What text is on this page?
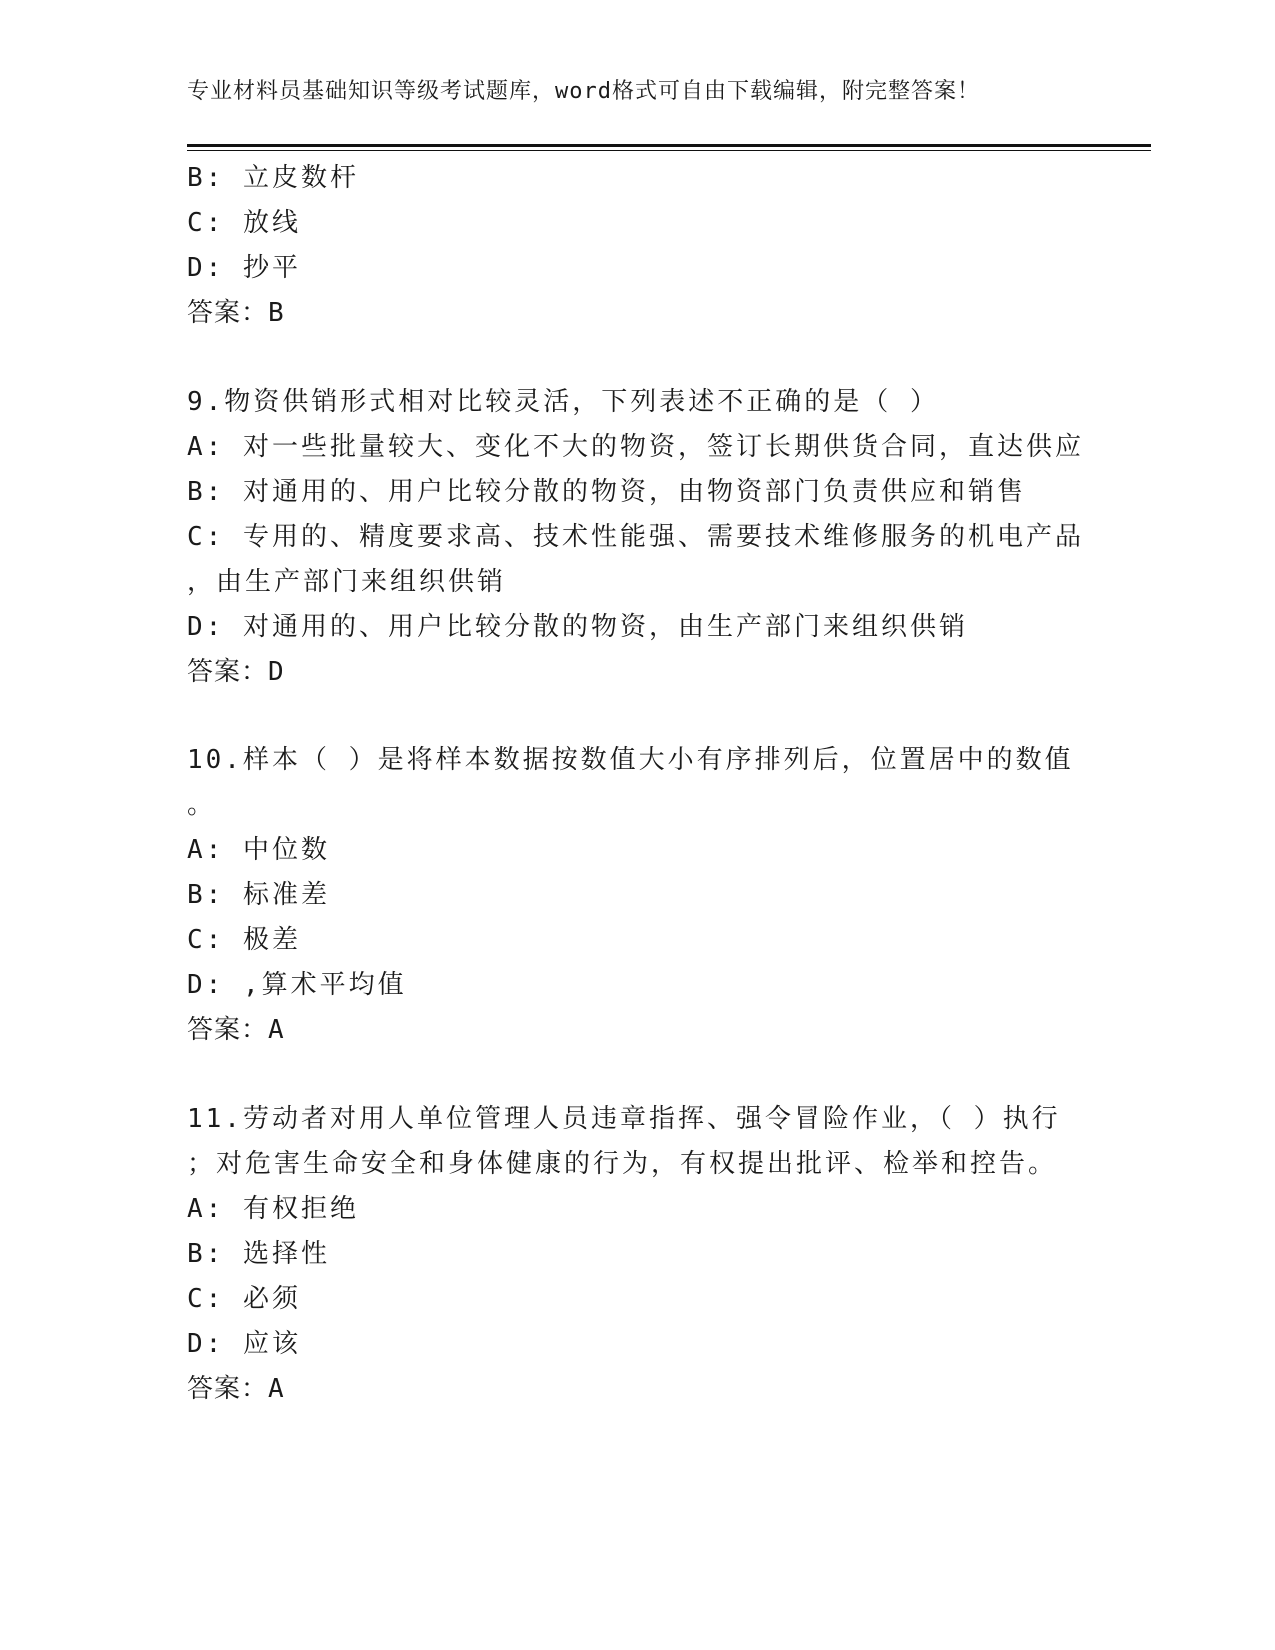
专业材料员基础知识等级考试题库，word格式可自由下载编辑，附完整答案！
B: 立皮数杆
C: 放线
D: 抄平
答案：B
9.物资供销形式相对比较灵活，下列表述不正确的是（ ）
A: 对一些批量较大、变化不大的物资，签订长期供货合同，直达供应
B: 对通用的、用户比较分散的物资，由物资部门负责供应和销售
C: 专用的、精度要求高、技术性能强、需要技术维修服务的机电产品
，由生产部门来组织供销
D: 对通用的、用户比较分散的物资，由生产部门来组织供销
答案：D
10.样本（ ）是将样本数据按数值大小有序排列后，位置居中的数值
。
A: 中位数
B: 标准差
C: 极差
D: ,算术平均值
答案：A
11.劳动者对用人单位管理人员违章指挥、强令冒险作业，（ ）执行
；对危害生命安全和身体健康的行为，有权提出批评、检举和控告。
A: 有权拒绝
B: 选择性
C: 必须
D: 应该
答案：A
